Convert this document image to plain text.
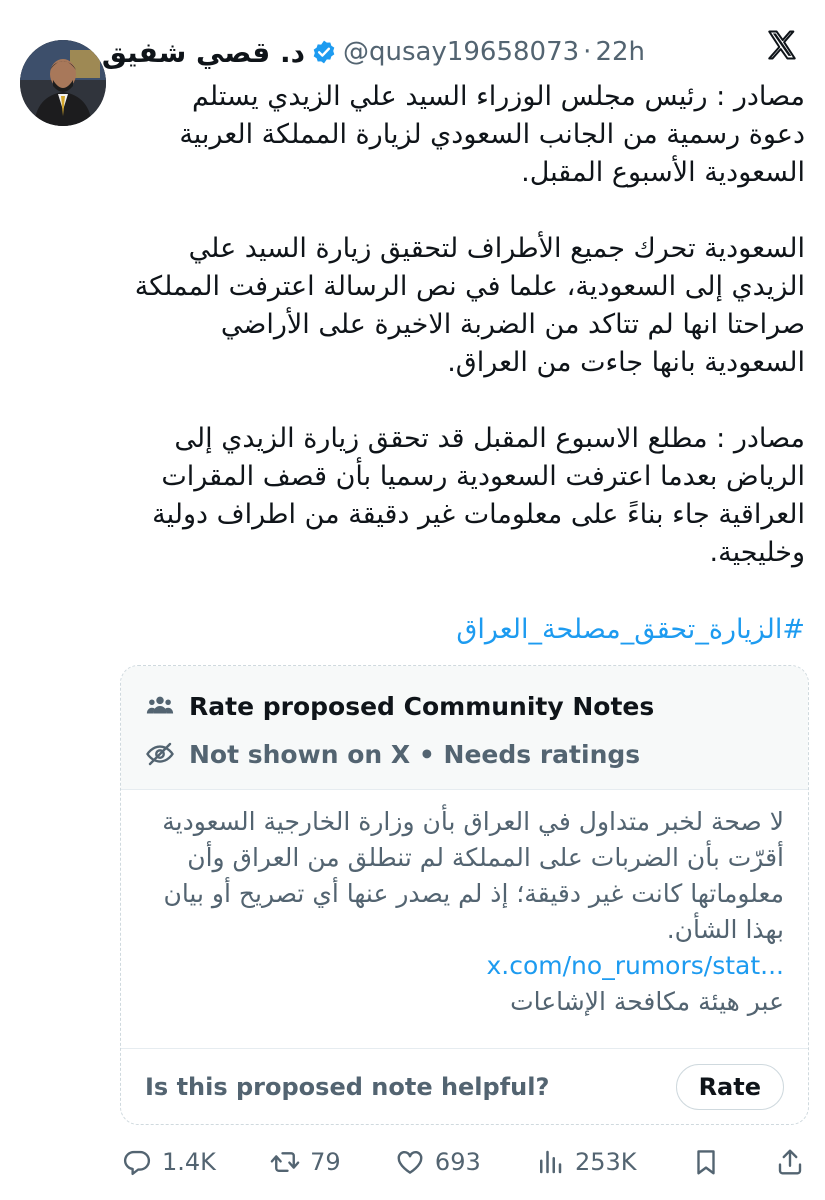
د. قصي شفيق @qusay19658073 · 22h

مصادر : رئيس مجلس الوزراء السيد علي الزيدي يستلم دعوة رسمية من الجانب السعودي لزيارة المملكة العربية السعودية الأسبوع المقبل.

السعودية تحرك جميع الأطراف لتحقيق زيارة السيد علي الزيدي إلى السعودية، علما في نص الرسالة اعترفت المملكة صراحتا انها لم تتاكد من الضربة الاخيرة على الأراضي السعودية بانها جاءت من العراق.

مصادر : مطلع الاسبوع المقبل قد تحقق زيارة الزيدي إلى الرياض بعدما اعترفت السعودية رسميا بأن قصف المقرات العراقية جاء بناءً على معلومات غير دقيقة من اطراف دولية وخليجية.

#الزيارة_تحقق_مصلحة_العراق
Rate proposed Community Notes
Not shown on X • Needs ratings
لا صحة لخبر متداول في العراق بأن وزارة الخارجية السعودية أقرّت بأن الضربات على المملكة لم تنطلق من العراق وأن معلوماتها كانت غير دقيقة؛ إذ لم يصدر عنها أي تصريح أو بيان بهذا الشأن.
x.com/no_rumors/stat...
عبر هيئة مكافحة الإشاعات
Is this proposed note helpful?	Rate
1.4K	79	693	253K
